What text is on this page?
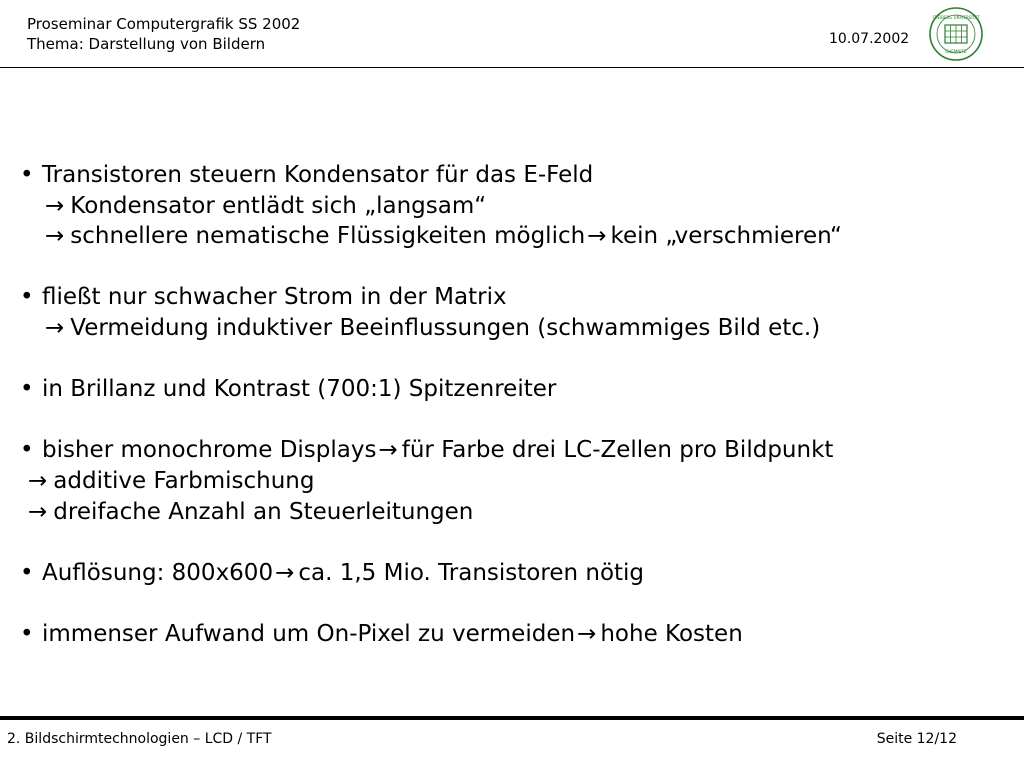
Proseminar Computergrafik SS 2002
Thema: Darstellung von Bildern	10.07.2002
FREIBERG UNIVERSITÄT
CHEMNITZ
• Transistoren steuern Kondensator für das E-Feld
→ Kondensator entlädt sich „langsam“
→ schnellere nematische Flüssigkeiten möglich→ kein „verschmieren“
• fließt nur schwacher Strom in der Matrix
→ Vermeidung induktiver Beeinflussungen (schwammiges Bild etc.)
• in Brillanz und Kontrast (700:1) Spitzenreiter
• bisher monochrome Displays→ für Farbe drei LC-Zellen pro Bildpunkt
→ additive Farbmischung
→ dreifache Anzahl an Steuerleitungen
• Auflösung: 800x600→ ca. 1,5 Mio. Transistoren nötig
• immenser Aufwand um On-Pixel zu vermeiden→ hohe Kosten
2. Bildschirmtechnologien – LCD / TFT	Seite 12/12
